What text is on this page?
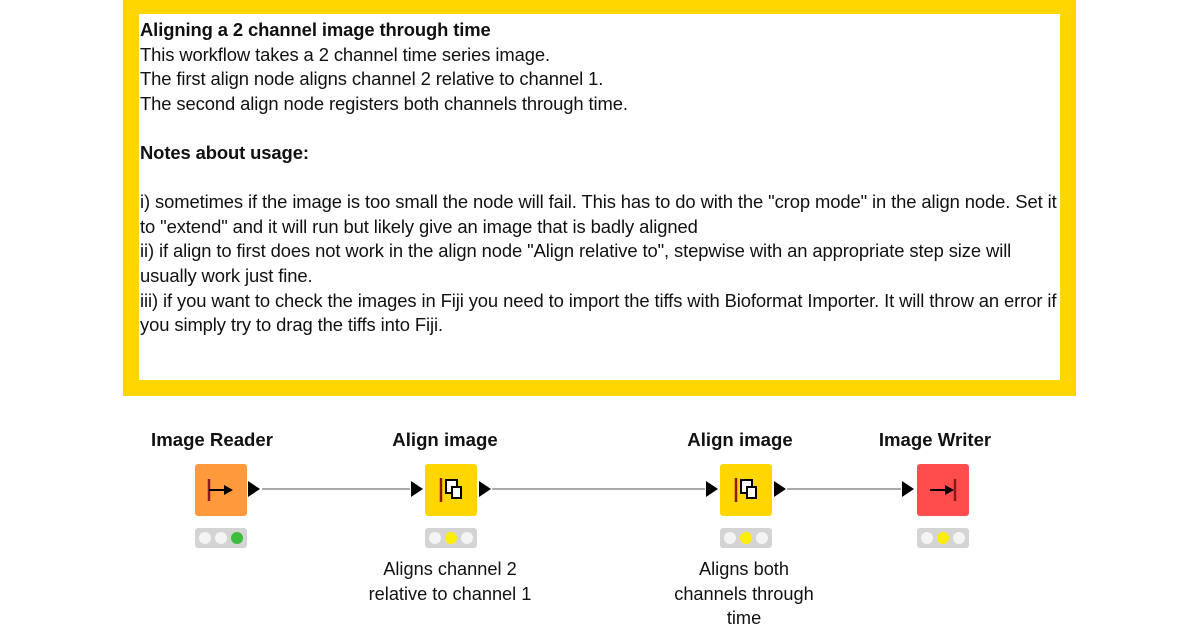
Aligning a 2 channel image through time

This workflow takes a 2 channel time series image.

The first align node aligns channel 2 relative to channel 1.

The second align node registers both channels through time.

Notes about usage:

i) sometimes if the image is too small the node will fail. This has to do with the "crop mode" in the align node. Set it to "extend" and it will run but likely give an image that is badly aligned

ii) if align to first does not work in the align node "Align relative to", stepwise with an appropriate step size will usually work just fine.

iii) if you want to check the images in Fiji you need to import the tiffs with Bioformat Importer. It will throw an error if you simply try to drag the tiffs into Fiji.

Image Reader	Align image
Aligns channel 2
relative to channel 1
Align image
Aligns both
channels through
time
Image Writer
